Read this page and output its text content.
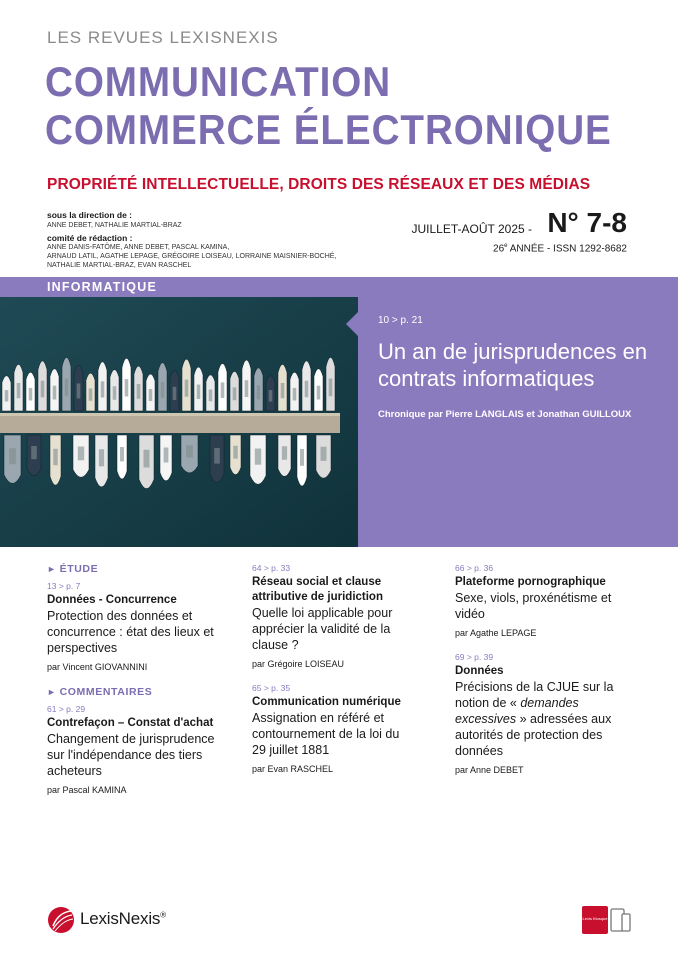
LES REVUES LEXISNEXIS
COMMUNICATION
COMMERCE ÉLECTRONIQUE
PROPRIÉTÉ INTELLECTUELLE, DROITS DES RÉSEAUX ET DES MÉDIAS
sous la direction de :
ANNE DEBET, NATHALIE MARTIAL-BRAZ
comité de rédaction :
ANNE DANIS-FATÔME, ANNE DEBET, PASCAL KAMINA,
ARNAUD LATIL, AGATHE LEPAGE, GRÉGOIRE LOISEAU, LORRAINE MAISNIER-BOCHÉ,
NATHALIE MARTIAL-BRAZ, EVAN RASCHEL
JUILLET-AOÛT 2025 - N° 7-8
26e ANNÉE - ISSN 1292-8682
INFORMATIQUE
10 > p. 21
Un an de jurisprudences en contrats informatiques
Chronique par Pierre LANGLAIS et Jonathan GUILLOUX
► ÉTUDE
13 > p. 7
Données - Concurrence
Protection des données et concurrence : état des lieux et perspectives
par Vincent GIOVANNINI
► COMMENTAIRES
61 > p. 29
Contrefaçon – Constat d'achat
Changement de jurisprudence sur l'indépendance des tiers acheteurs
par Pascal KAMINA
64 > p. 33
Réseau social et clause attributive de juridiction
Quelle loi applicable pour apprécier la validité de la clause ?
par Grégoire LOISEAU
65 > p. 35
Communication numérique
Assignation en référé et contournement de la loi du 29 juillet 1881
par Evan RASCHEL
66 > p. 36
Plateforme pornographique
Sexe, viols, proxénétisme et vidéo
par Agathe LEPAGE
69 > p. 39
Données
Précisions de la CJUE sur la notion de « demandes excessives » adressées aux autorités de protection des données
par Anne DEBET
LexisNexis®	Lexis Kiosque
